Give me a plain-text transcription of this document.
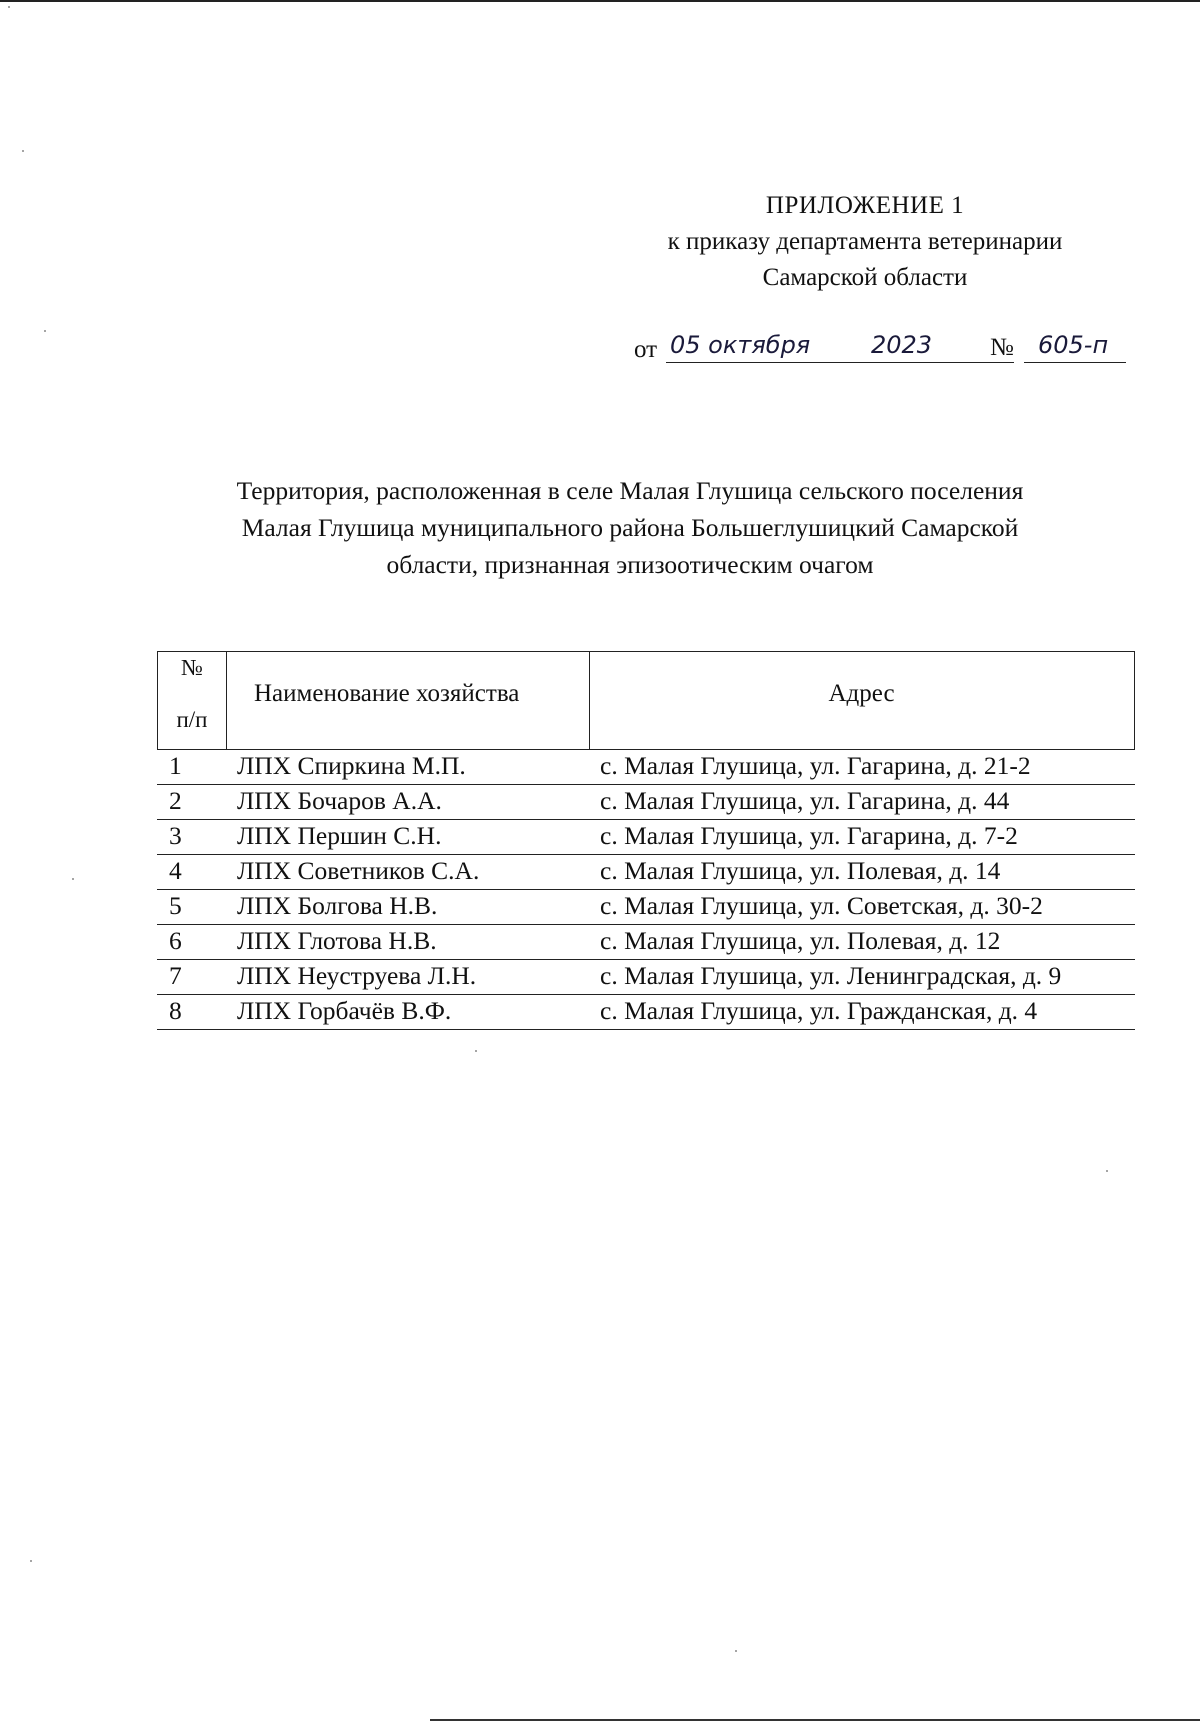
ПРИЛОЖЕНИЕ 1
к приказу департамента ветеринарии
Самарской области
от 05 октября	2023 № 605-п
Территория, расположенная в селе Малая Глушица сельского поселения
Малая Глушица муниципального района Большеглушицкий Самарской
области, признанная эпизоотическим очагом
№
п/п
Наименование хозяйства	Адрес
1 ЛПХ Спиркина М.П.	с. Малая Глушица, ул. Гагарина, д. 21-2
2 ЛПХ Бочаров А.А.	с. Малая Глушица, ул. Гагарина, д. 44
3 ЛПХ Першин С.Н.	с. Малая Глушица, ул. Гагарина, д. 7-2
4 ЛПХ Советников С.А.	с. Малая Глушица, ул. Полевая, д. 14
5 ЛПХ Болгова Н.В.	с. Малая Глушица, ул. Советская, д. 30-2
6 ЛПХ Глотова Н.В.	с. Малая Глушица, ул. Полевая, д. 12
7 ЛПХ Неуструева Л.Н.	с. Малая Глушица, ул. Ленинградская, д. 9
8 ЛПХ Горбачёв В.Ф.	с. Малая Глушица, ул. Гражданская, д. 4
